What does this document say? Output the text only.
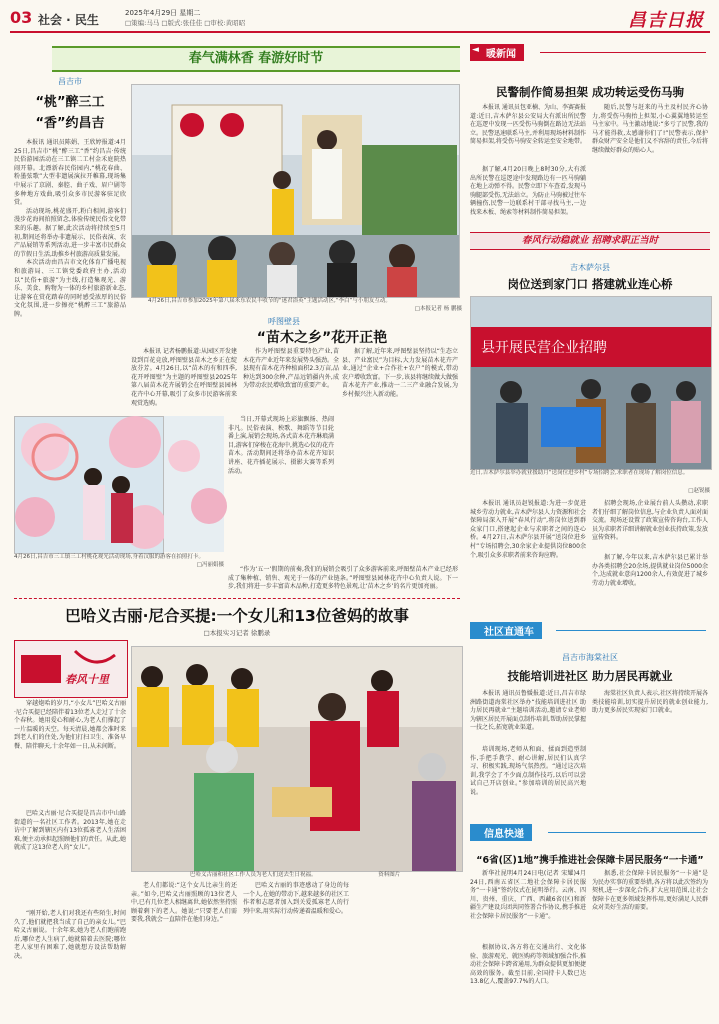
03 社会 · 民生	2025年4月29日 星期二
□策编:马马 □版式:张佳佳 □审校:黄昭昭	昌吉日报
春气满林香 春游好时节
昌吉市
“桃”醉三工
“香”约昌吉
本报讯 通讯员陈娟、王欣婷报道:4月25日,昌吉市“桃”醉三工“香”约昌吉·传统民俗游园活动在三工镇二工村金禾庭院热闹开幕。北漂新春民俗园内,“桃花春曲、粉墨弦歌”大型非遗展演拉开帷幕,现场集中展示了京剧、秦腔、曲子戏、眉户剧等多种地方戏曲,吸引众多市民游客驻足欣赏。
活动现场,桃花盛开,粉白相间,游客们漫步花海间拍照留念,体验传统民俗文化带来的乐趣。据了解,此次活动将持续至5月初,期间还将举办非遗展示、民俗表演、农产品展销等系列活动,进一步丰富市民群众的节假日生活,助推乡村旅游高质量发展。
本次活动由昌吉市文化体育广播电视和旅游局、三工镇党委政府主办,活动以“民俗+旅游”为主线,打造集观光、游乐、美食、购物为一体的乡村旅游新业态,让游客在赏花踏春的同时感受浓厚的民俗文化氛围,进一步擦亮“桃醉三工”旅游品牌。
4月26日,昌吉市参加2025年第八届米东农民丰收节的“迷君浴英”主题活动区,“李白”与小朋友互动。
□本报记者 杨 鹏摄
呼图壁县
“苗木之乡”花开正艳
4月26日,昌吉市三工镇三工村桃花观光活动现场,身着汉服的游客在拍照打卡。
□冯丽娟摄
本报讯 记者杨鹏报道:从园区开发建设到百花竞放,呼图壁县苗木之乡正在绽放芬芳。4月26日,以“苗木的有和四季,花开呼图壁”为主题的呼图壁县2025年第八届苗木花卉展销会在呼图壁县园林花卉中心开幕,吸引了众多市民游客前来观赏选购。
当日,开幕式现场上彩旗飘扬、热闹非凡。民俗表演、秧歌、舞蹈等节目轮番上演,展销会现场,各式苗木花卉琳琅满目,游客们穿梭在花海中,挑选心仪的花卉苗木。活动期间还将举办苗木花卉知识讲座、花卉插花展示、摄影大赛等系列活动。
作为呼图壁县重要特色产业,苗木花卉产业近年来发展势头强劲。全县现有苗木花卉种植面积2.3万亩,品种达到300余种,产品远销疆内外,成为带动农民增收致富的重要产业。
据了解,近年来,呼图壁县坚持以“生态立县、产业富民”为目标,大力发展苗木花卉产业,通过“企业+合作社+农户”的模式,带动农户增收致富。下一步,该县将继续做大做强苗木花卉产业,推动一二三产业融合发展,为乡村振兴注入新动能。
“作为‘五一’假期的前奏,我们的展销会吸引了众多游客前来,呼图壁苗木产业已经形成了集种植、销售、观光于一体的产业链条。”呼图壁县园林花卉中心负责人说。下一步,我们将进一步丰富苗木品种,打造更多特色景观,让‘苗木之乡’的名片更加亮丽。
暖新闻
◄
民警制作简易担架 成功转运受伤马驹
本报讯 通讯员包亚楠、为山、李赛赛报道:近日,吉木萨尔县公安局大有派出所民警在巡逻中发现一匹受伤马驹倒在路边无法站立。民警迅速联系马主,并利用现场材料制作简易担架,将受伤马驹安全转运至安全地带。
据了解,4月20日晚上8时30分,大有派出所民警在巡逻途中发现路边有一匹马驹躺在地上动弹不得。民警立即下车查看,发现马驹腿部受伤,无法站立。为防止马驹被过往车辆撞伤,民警一边联系村干部寻找马主,一边找来木板、绳索等材料制作简易担架。
随后,民警与赶来的马主及村民齐心协力,将受伤马驹抬上担架,小心翼翼地转运至马主家中。马主激动地说:“多亏了民警,我的马才能得救,太感谢你们了!”民警表示,保护群众财产安全是他们义不容辞的责任,今后将继续做好群众的贴心人。
春风行动稳就业 招聘求职正当时
吉木萨尔县
岗位送到家门口 搭建就业连心桥
县开展民营企业招聘
近日,吉木萨尔县举办就业援助月“送岗位进乡村”专场招聘会,求职者在现场了解岗位信息。
□赵锐摄
本报讯 通讯员赵锐报道:为进一步促进城乡劳动力就业,吉木萨尔县人力资源和社会保障局深入开展“春风行动”,将岗位送到群众家门口,搭建起企业与求职者之间的连心桥。4月27日,吉木萨尔县开展“送岗位进乡村”专场招聘会,30余家企业提供岗位800余个,吸引众多求职者前来咨询应聘。
招聘会现场,企业展台前人头攒动,求职者们仔细了解岗位信息,与企业负责人面对面交流。现场还设置了政策宣传咨询台,工作人员为求职者详细讲解就业创业扶持政策,发放宣传资料。
据了解,今年以来,吉木萨尔县已累计举办各类招聘会20余场,提供就业岗位5000余个,达成就业意向1200余人,有效促进了城乡劳动力就业增收。
巴哈义古丽·尼合买提:一个女儿和13位爸妈的故事
□本报实习记者 徐鹏录
春风十里
穿越炮哈的岁月,“小女儿”巴哈义古丽·尼合买提已经陪伴着13位老人走过了十余个春秋。她用爱心和耐心,为老人们撑起了一片温暖的天空。每天清晨,她都会准时来到老人们的住处,为他们打扫卫生、准备早餐、陪伴聊天,十余年如一日,从未间断。
巴哈义古丽·尼合买提是昌吉市中山路街道的一名社区工作者。2013年,她在走访中了解到辖区内有13位孤寡老人生活困难,便主动承担起照顾他们的责任。从此,她就成了这13位老人的“女儿”。
“刚开始,老人们对我还有些陌生,时间久了,他们就把我当成了自己的亲女儿。”巴哈义古丽说。十余年来,她为老人们跑前跑后,哪位老人生病了,她就陪着去医院;哪位老人家里有困难了,她就想方设法帮助解决。
巴哈义古丽和社区工作人员为老人们送去生日祝福。	资料图片
老人们都说:“这个女儿比亲生的还亲。”如今,巴哈义古丽照顾的13位老人中,已有几位老人相继离世,她依然坚持照顾着剩下的老人。她说:“只要老人们需要我,我就会一直陪伴在他们身边。”
巴哈义古丽的事迹感动了身边的每一个人,在她的带动下,越来越多的社区工作者和志愿者加入到关爱孤寡老人的行列中来,用实际行动传递着温暖和爱心。
社区直通车
昌吉市海棠社区
技能培训进社区 助力居民再就业
本报讯 通讯员鲁媛报道:近日,昌吉市绿洲路街道海棠社区举办“技能培训进社区 助力居民再就业”主题培训活动,邀请专业老师为辖区居民开展面点制作培训,帮助居民掌握一技之长,拓宽就业渠道。
培训现场,老师从和面、揉面到造型制作,手把手教学、耐心讲解,居民们认真学习、积极实践,现场气氛热烈。“通过这次培训,我学会了不少面点制作技巧,以后可以尝试自己开店创业。”参加培训的居民高兴地说。
海棠社区负责人表示,社区将持续开展各类技能培训,切实提升居民的就业创业能力,助力更多居民实现家门口就业。
信息快递
“6省(区)1地”携手推进社会保障卡居民服务“一卡通”
新华社昆明4月24日电(记者 宋耀)4月24日,西南五省区二地社会保障卡居民服务“一卡通”签约仪式在昆明举行。云南、四川、贵州、重庆、广西、西藏6省(区)和新疆生产建设兵团共同签署合作协议,携手推进社会保障卡居民服务“一卡通”。
根据协议,各方将在交通出行、文化体验、旅游观光、就医购药等领域加强合作,推动社会保障卡跨省通用,为群众提供更加便捷高效的服务。截至目前,全国持卡人数已达13.8亿人,覆盖97.7%的人口。
据悉,社会保障卡居民服务“一卡通”是为民办实事的重要举措,各方将以此次签约为契机,进一步深化合作,扩大应用范围,让社会保障卡在更多领域发挥作用,更好满足人民群众对美好生活的需要。
